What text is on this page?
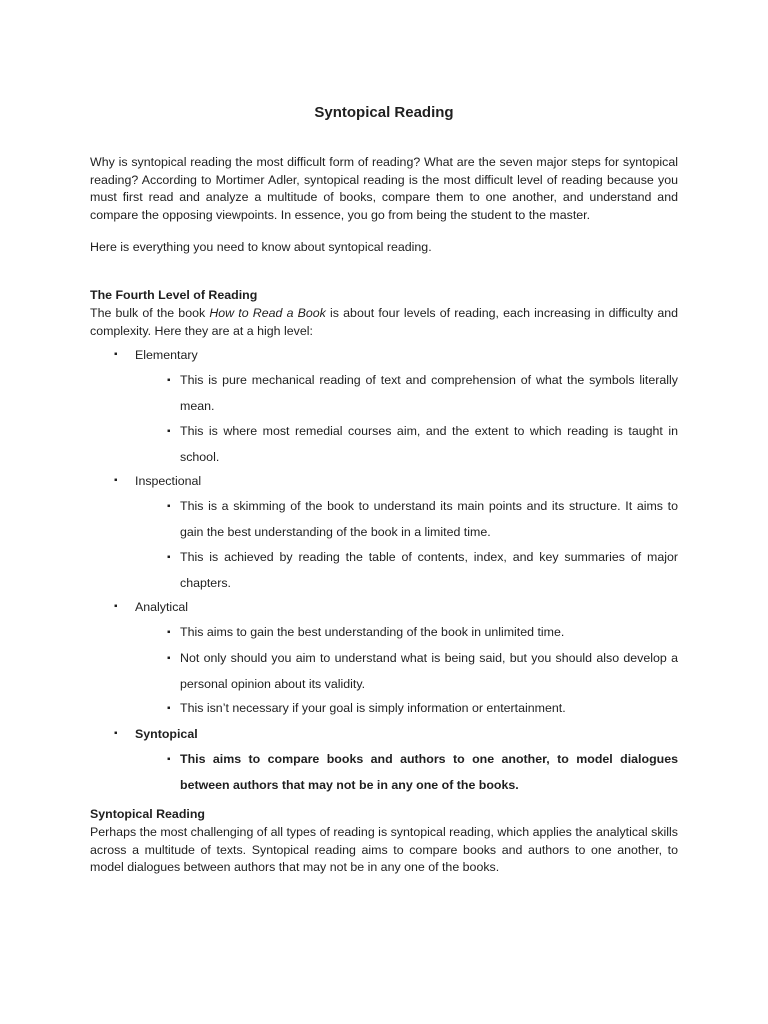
Syntopical Reading

Why is syntopical reading the most difficult form of reading? What are the seven major steps for syntopical reading? According to Mortimer Adler, syntopical reading is the most difficult level of reading because you must first read and analyze a multitude of books, compare them to one another, and understand and compare the opposing viewpoints. In essence, you go from being the student to the master.

Here is everything you need to know about syntopical reading.

The Fourth Level of Reading

The bulk of the book How to Read a Book is about four levels of reading, each increasing in difficulty and complexity. Here they are at a high level:

▪ Elementary
▪ This is pure mechanical reading of text and comprehension of what the symbols literally mean.
▪ This is where most remedial courses aim, and the extent to which reading is taught in school.
▪ Inspectional
▪ This is a skimming of the book to understand its main points and its structure. It aims to gain the best understanding of the book in a limited time.
▪ This is achieved by reading the table of contents, index, and key summaries of major chapters.
▪ Analytical
▪ This aims to gain the best understanding of the book in unlimited time.
▪ Not only should you aim to understand what is being said, but you should also develop a personal opinion about its validity.
▪ This isn’t necessary if your goal is simply information or entertainment.
▪ Syntopical
▪ This aims to compare books and authors to one another, to model dialogues between authors that may not be in any one of the books.

Syntopical Reading

Perhaps the most challenging of all types of reading is syntopical reading, which applies the analytical skills across a multitude of texts. Syntopical reading aims to compare books and authors to one another, to model dialogues between authors that may not be in any one of the books.
